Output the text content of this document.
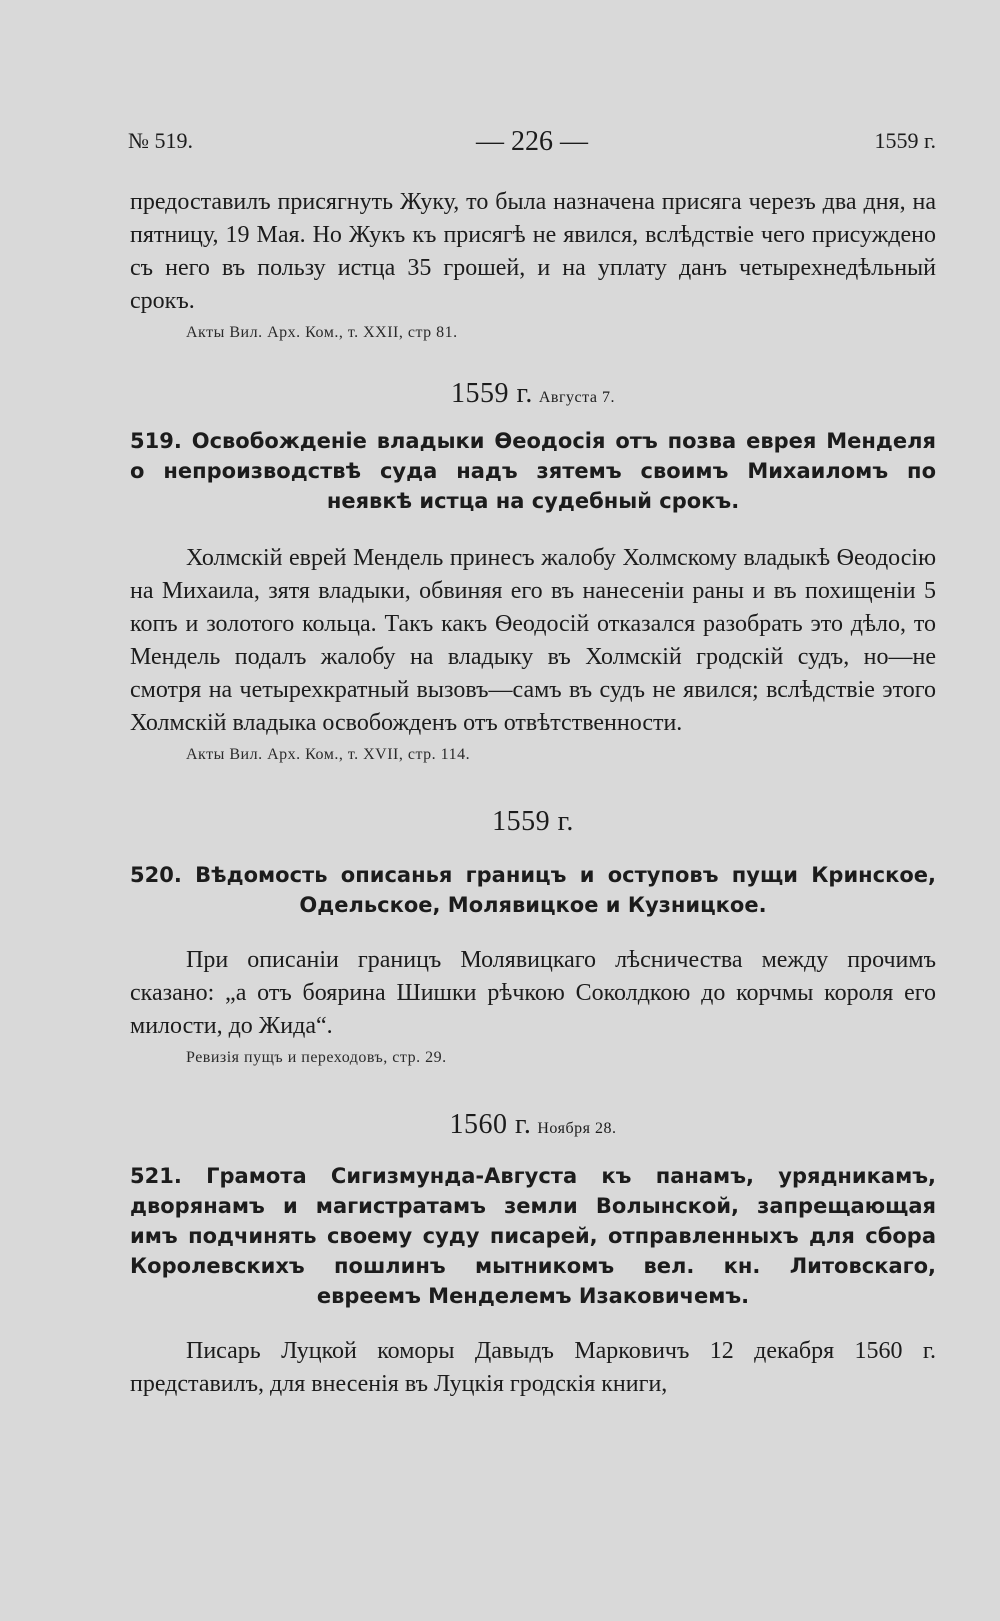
№ 519.	— 226 —	1559 г.

предоставилъ присягнуть Жуку, то была назначена присяга черезъ два дня, на пятницу, 19 Мая. Но Жукъ къ присягѣ не явился, вслѣдствіе чего присуждено съ него въ пользу истца 35 грошей, и на уплату данъ четырехнедѣльный срокъ.

Акты Вил. Арх. Ком., т. XXII, стр 81.
1559 г. Августа 7.

519. Освобожденіе владыки Ѳеодосія отъ позва еврея Менделя о непроизводствѣ суда надъ зятемъ своимъ Михаиломъ по неявкѣ истца на судебный срокъ.

Холмскій еврей Мендель принесъ жалобу Холмскому владыкѣ Ѳеодосію на Михаила, зятя владыки, обвиняя его въ нанесеніи раны и въ похищеніи 5 копъ и золотого кольца. Такъ какъ Ѳеодосій отказался разобрать это дѣло, то Мендель подалъ жалобу на владыку въ Холмскій гродскій судъ, но—не смотря на четырехкратный вызовъ—самъ въ судъ не явился; вслѣдствіе этого Холмскій владыка освобожденъ отъ отвѣтственности.

Акты Вил. Арх. Ком., т. XVII, стр. 114.
1559 г.

520. Вѣдомость описанья границъ и оступовъ пущи Кринское, Одельское, Молявицкое и Кузницкое.

При описаніи границъ Молявицкаго лѣсничества между прочимъ сказано: „а отъ боярина Шишки рѣчкою Соколдкою до корчмы короля его милости, до Жида“.

Ревизія пущъ и переходовъ, стр. 29.
1560 г. Ноября 28.

521. Грамота Сигизмунда-Августа къ панамъ, урядникамъ, дворянамъ и магистратамъ земли Волынской, запрещающая имъ подчинять своему суду писарей, отправленныхъ для сбора Королевскихъ пошлинъ мытникомъ вел. кн. Литовскаго, евреемъ Менделемъ Изаковичемъ.

Писарь Луцкой коморы Давыдъ Марковичъ 12 декабря 1560 г. представилъ, для внесенія въ Луцкія гродскія книги,
